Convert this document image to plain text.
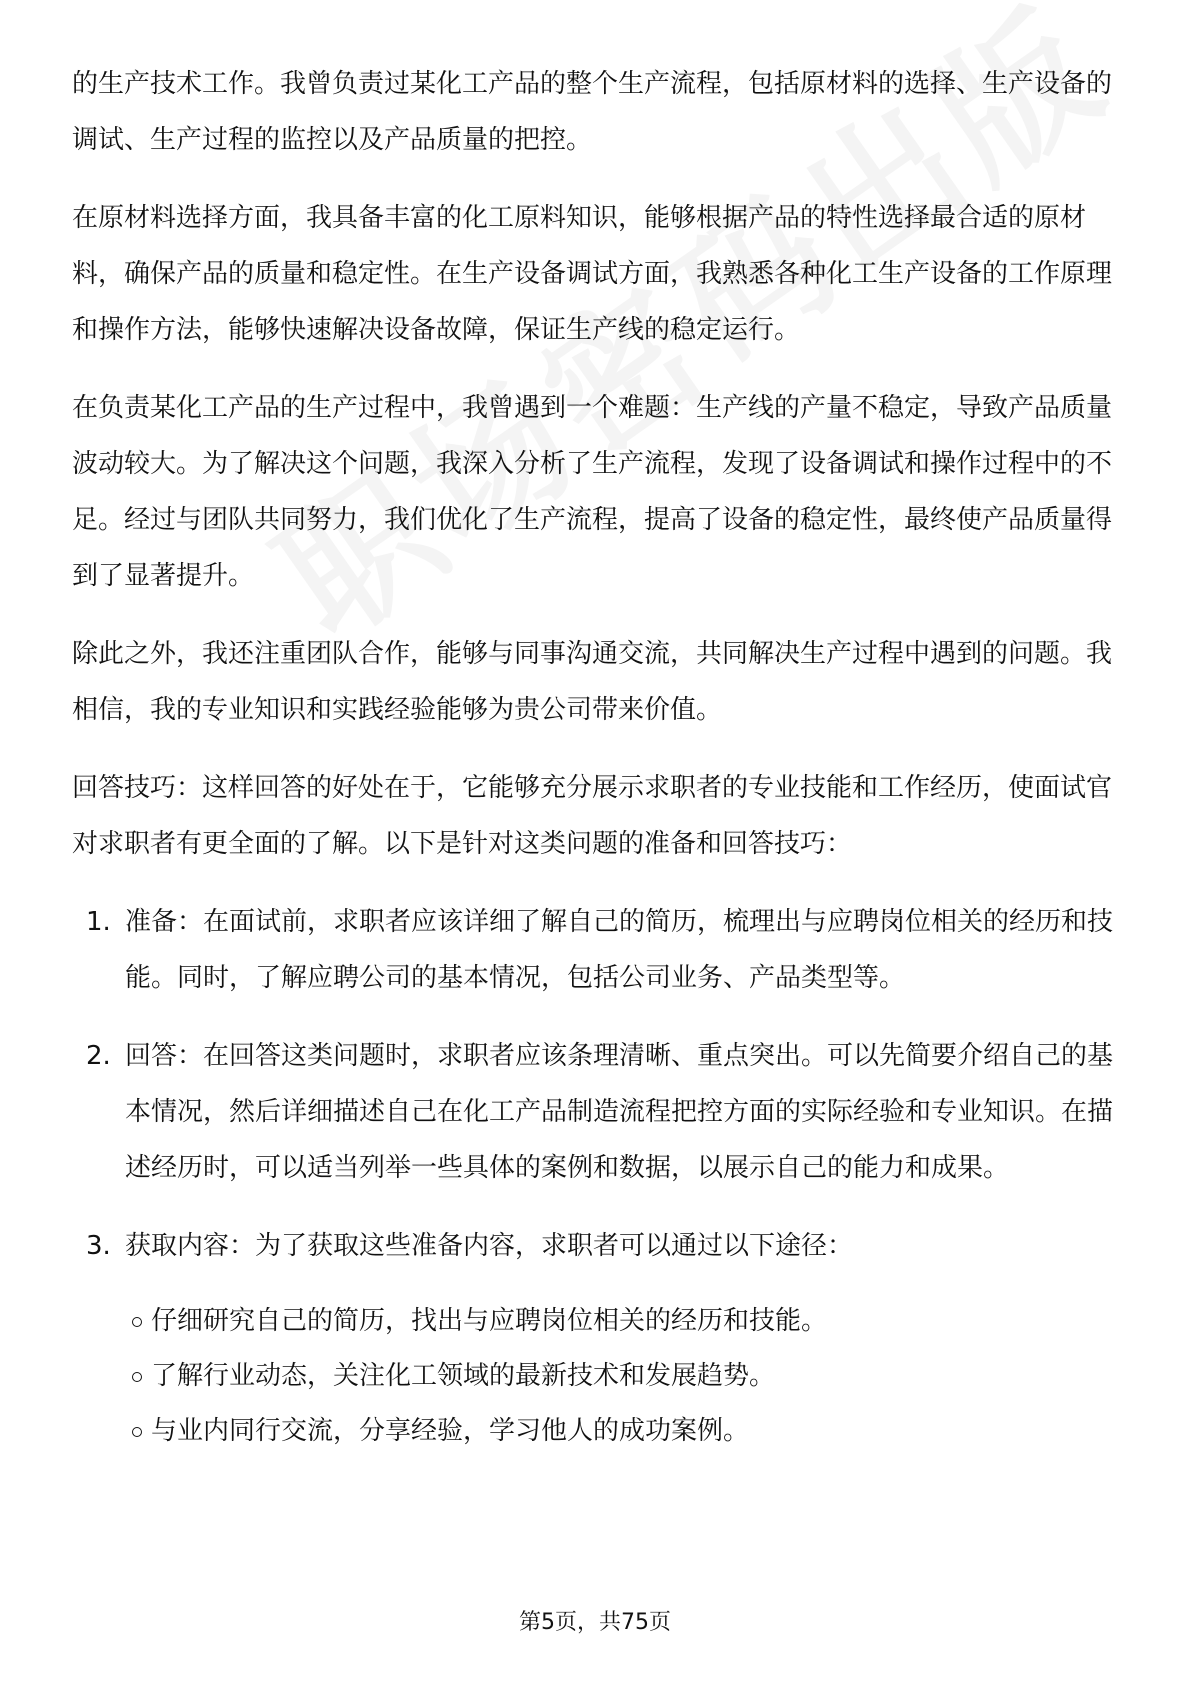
的生产技术工作。我曾负责过某化工产品的整个生产流程，包括原材料的选择、生产设备的调试、生产过程的监控以及产品质量的把控。

在原材料选择方面，我具备丰富的化工原料知识，能够根据产品的特性选择最合适的原材料，确保产品的质量和稳定性。在生产设备调试方面，我熟悉各种化工生产设备的工作原理和操作方法，能够快速解决设备故障，保证生产线的稳定运行。

在负责某化工产品的生产过程中，我曾遇到一个难题：生产线的产量不稳定，导致产品质量波动较大。为了解决这个问题，我深入分析了生产流程，发现了设备调试和操作过程中的不足。经过与团队共同努力，我们优化了生产流程，提高了设备的稳定性，最终使产品质量得到了显著提升。

除此之外，我还注重团队合作，能够与同事沟通交流，共同解决生产过程中遇到的问题。我相信，我的专业知识和实践经验能够为贵公司带来价值。

回答技巧：这样回答的好处在于，它能够充分展示求职者的专业技能和工作经历，使面试官对求职者有更全面的了解。以下是针对这类问题的准备和回答技巧：

1. 准备：在面试前，求职者应该详细了解自己的简历，梳理出与应聘岗位相关的经历和技能。同时，了解应聘公司的基本情况，包括公司业务、产品类型等。
2. 回答：在回答这类问题时，求职者应该条理清晰、重点突出。可以先简要介绍自己的基本情况，然后详细描述自己在化工产品制造流程把控方面的实际经验和专业知识。在描述经历时，可以适当列举一些具体的案例和数据，以展示自己的能力和成果。
3. 获取内容：为了获取这些准备内容，求职者可以通过以下途径：
仔细研究自己的简历，找出与应聘岗位相关的经历和技能。
了解行业动态，关注化工领域的最新技术和发展趋势。
与业内同行交流，分享经验，学习他人的成功案例。
第5页，共75页
